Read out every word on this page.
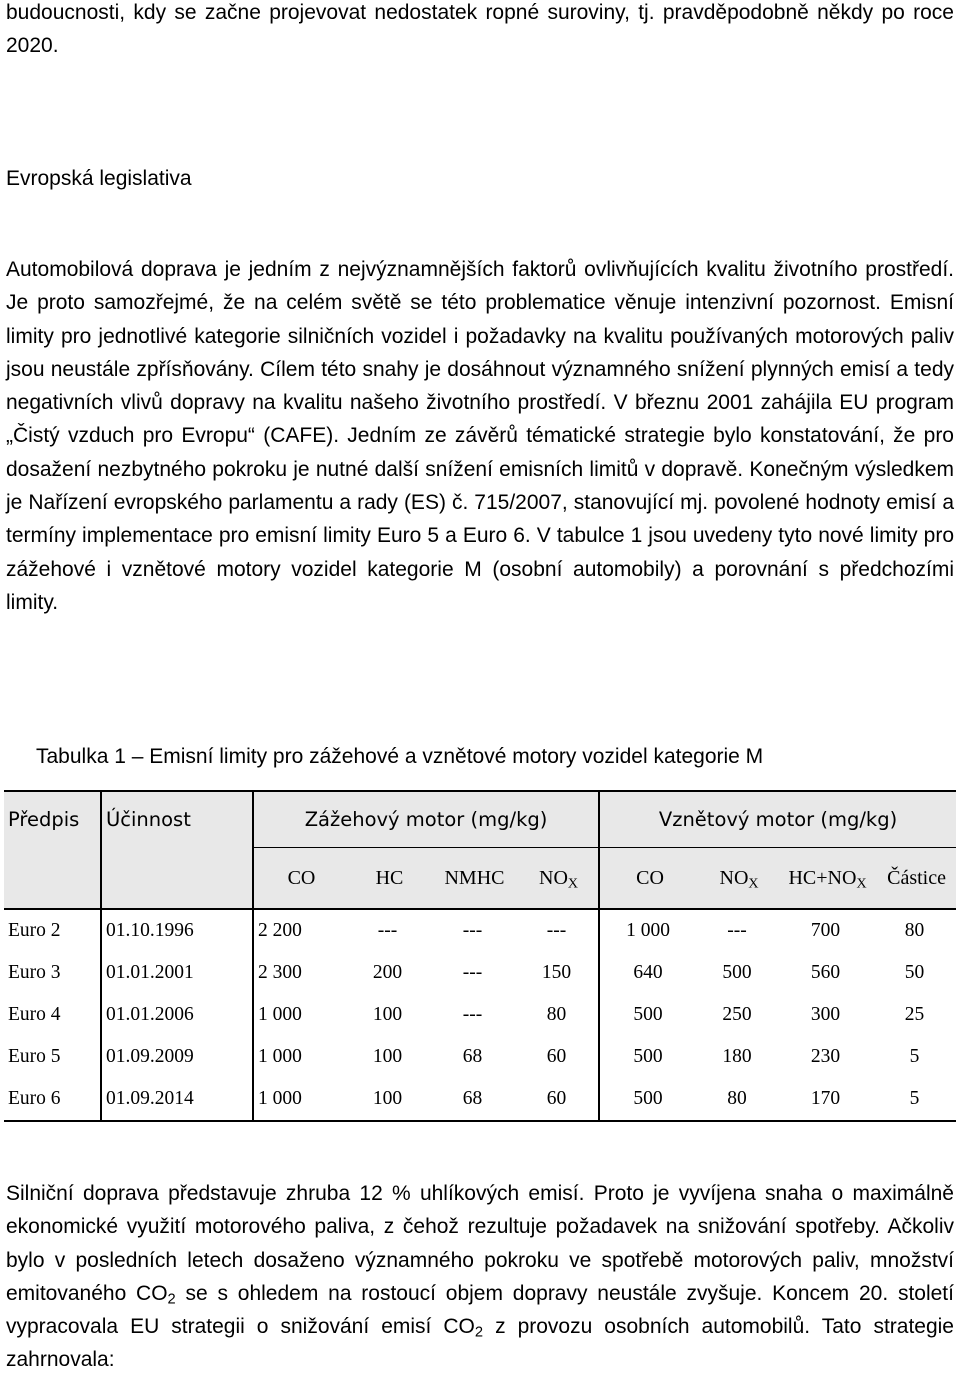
budoucnosti, kdy se začne projevovat nedostatek ropné suroviny, tj. pravděpodobně někdy po roce 2020.

Evropská legislativa

Automobilová doprava je jedním z nejvýznamnějších faktorů ovlivňujících kvalitu životního prostředí. Je proto samozřejmé, že na celém světě se této problematice věnuje intenzivní pozornost. Emisní limity pro jednotlivé kategorie silničních vozidel i požadavky na kvalitu používaných motorových paliv jsou neustále zpřísňovány. Cílem této snahy je dosáhnout významného snížení plynných emisí a tedy negativních vlivů dopravy na kvalitu našeho životního prostředí. V březnu 2001 zahájila EU program „Čistý vzduch pro Evropu“ (CAFE). Jedním ze závěrů tématické strategie bylo konstatování, že pro dosažení nezbytného pokroku je nutné další snížení emisních limitů v dopravě. Konečným výsledkem je Nařízení evropského parlamentu a rady (ES) č. 715/2007, stanovující mj. povolené hodnoty emisí a termíny implementace pro emisní limity Euro 5 a Euro 6. V tabulce 1 jsou uvedeny tyto nové limity pro zážehové i vznětové motory vozidel kategorie M (osobní automobily) a porovnání s předchozími limity.

Tabulka 1 – Emisní limity pro zážehové a vznětové motory vozidel kategorie M

Předpis	Účinnost	Zážehový motor (mg/kg)				Vznětový motor (mg/kg)			
		CO	HC	NMHC	$NO_X$	CO	$NO_X$	$HC+NO_X$	Částice
Euro 2	01.10.1996	2 200	---	---	---	1 000	---	700	80
Euro 3	01.01.2001	2 300	200	---	150	640	500	560	50
Euro 4	01.01.2006	1 000	100	---	80	500	250	300	25
Euro 5	01.09.2009	1 000	100	68	60	500	180	230	5
Euro 6	01.09.2014	1 000	100	68	60	500	80	170	5

Silniční doprava představuje zhruba 12 % uhlíkových emisí. Proto je vyvíjena snaha o maximálně ekonomické využití motorového paliva, z čehož rezultuje požadavek na snižování spotřeby. Ačkoliv bylo v posledních letech dosaženo významného pokroku ve spotřebě motorových paliv, množství emitovaného $CO_2$ se s ohledem na rostoucí objem dopravy neustále zvyšuje. Koncem 20. století vypracovala EU strategii o snižování emisí $CO_2$ z provozu osobních automobilů. Tato strategie zahrnovala:
